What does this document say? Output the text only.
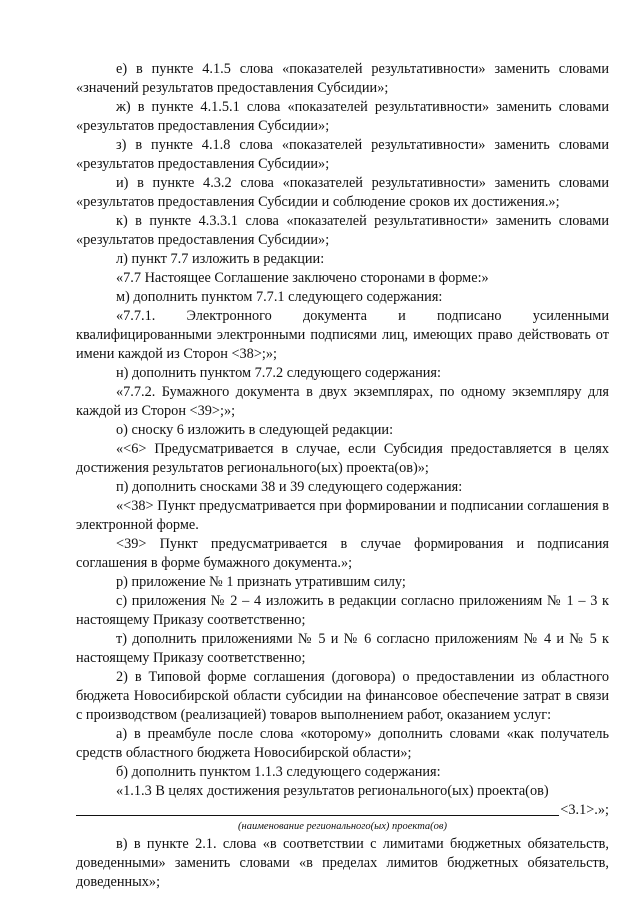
е) в пункте 4.1.5 слова «показателей результативности» заменить словами «значений результатов предоставления Субсидии»;

ж) в пункте 4.1.5.1 слова «показателей результативности» заменить словами «результатов предоставления Субсидии»;

з) в пункте 4.1.8 слова «показателей результативности» заменить словами «результатов предоставления Субсидии»;

и) в пункте 4.3.2 слова «показателей результативности» заменить словами «результатов предоставления Субсидии и соблюдение сроков их достижения.»;

к) в пункте 4.3.3.1 слова «показателей результативности» заменить словами «результатов предоставления Субсидии»;

л) пункт 7.7 изложить в редакции:

«7.7 Настоящее Соглашение заключено сторонами в форме:»

м) дополнить пунктом 7.7.1 следующего содержания:

«7.7.1. Электронного документа и подписано усиленными квалифицированными электронными подписями лиц, имеющих право действовать от имени каждой из Сторон <38>;»;

н) дополнить пунктом 7.7.2 следующего содержания:

«7.7.2. Бумажного документа в двух экземплярах, по одному экземпляру для каждой из Сторон <39>;»;

о) сноску 6 изложить в следующей редакции:

«<6> Предусматривается в случае, если Субсидия предоставляется в целях достижения результатов регионального(ых) проекта(ов)»;

п) дополнить сносками 38 и 39 следующего содержания:

«<38> Пункт предусматривается при формировании и подписании соглашения в электронной форме.

<39> Пункт предусматривается в случае формирования и подписания соглашения в форме бумажного документа.»;

р) приложение № 1 признать утратившим силу;

с) приложения № 2 – 4 изложить в редакции согласно приложениям № 1 – 3 к настоящему Приказу соответственно;

т) дополнить приложениями № 5 и № 6 согласно приложениям № 4 и № 5 к настоящему Приказу соответственно;

2) в Типовой форме соглашения (договора) о предоставлении из областного бюджета Новосибирской области субсидии на финансовое обеспечение затрат в связи с производством (реализацией) товаров выполнением работ, оказанием услуг:

а) в преамбуле после слова «которому» дополнить словами «как получатель средств областного бюджета Новосибирской области»;

б) дополнить пунктом 1.1.3 следующего содержания:

«1.1.3 В целях достижения результатов регионального(ых) проекта(ов)

<3.1>.»;

(наименование регионального(ых) проекта(ов)

в) в пункте 2.1. слова «в соответствии с лимитами бюджетных обязательств, доведенными» заменить словами «в пределах лимитов бюджетных обязательств, доведенных»;
